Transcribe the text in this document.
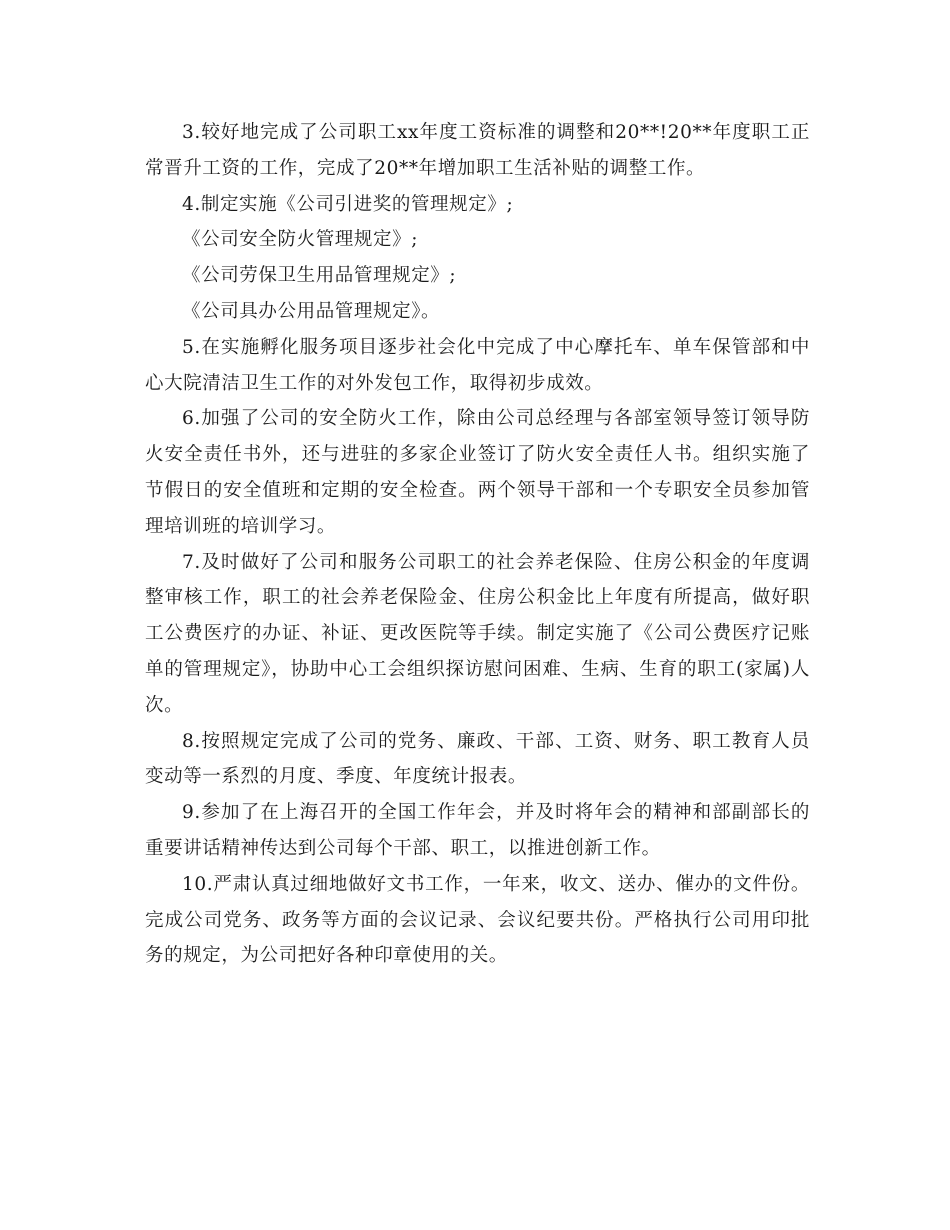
3.较好地完成了公司职工xx年度工资标准的调整和20**!20**年度职工正常晋升工资的工作，完成了20**年增加职工生活补贴的调整工作。

4.制定实施《公司引进奖的管理规定》;

《公司安全防火管理规定》;

《公司劳保卫生用品管理规定》;

《公司具办公用品管理规定》。

5.在实施孵化服务项目逐步社会化中完成了中心摩托车、单车保管部和中心大院清洁卫生工作的对外发包工作，取得初步成效。

6.加强了公司的安全防火工作，除由公司总经理与各部室领导签订领导防火安全责任书外，还与进驻的多家企业签订了防火安全责任人书。组织实施了节假日的安全值班和定期的安全检查。两个领导干部和一个专职安全员参加管理培训班的培训学习。

7.及时做好了公司和服务公司职工的社会养老保险、住房公积金的年度调整审核工作，职工的社会养老保险金、住房公积金比上年度有所提高，做好职工公费医疗的办证、补证、更改医院等手续。制定实施了《公司公费医疗记账单的管理规定》，协助中心工会组织探访慰问困难、生病、生育的职工(家属)人次。

8.按照规定完成了公司的党务、廉政、干部、工资、财务、职工教育人员变动等一系烈的月度、季度、年度统计报表。

9.参加了在上海召开的全国工作年会，并及时将年会的精神和部副部长的重要讲话精神传达到公司每个干部、职工，以推进创新工作。

10.严肃认真过细地做好文书工作，一年来，收文、送办、催办的文件份。完成公司党务、政务等方面的会议记录、会议纪要共份。严格执行公司用印批务的规定，为公司把好各种印章使用的关。
